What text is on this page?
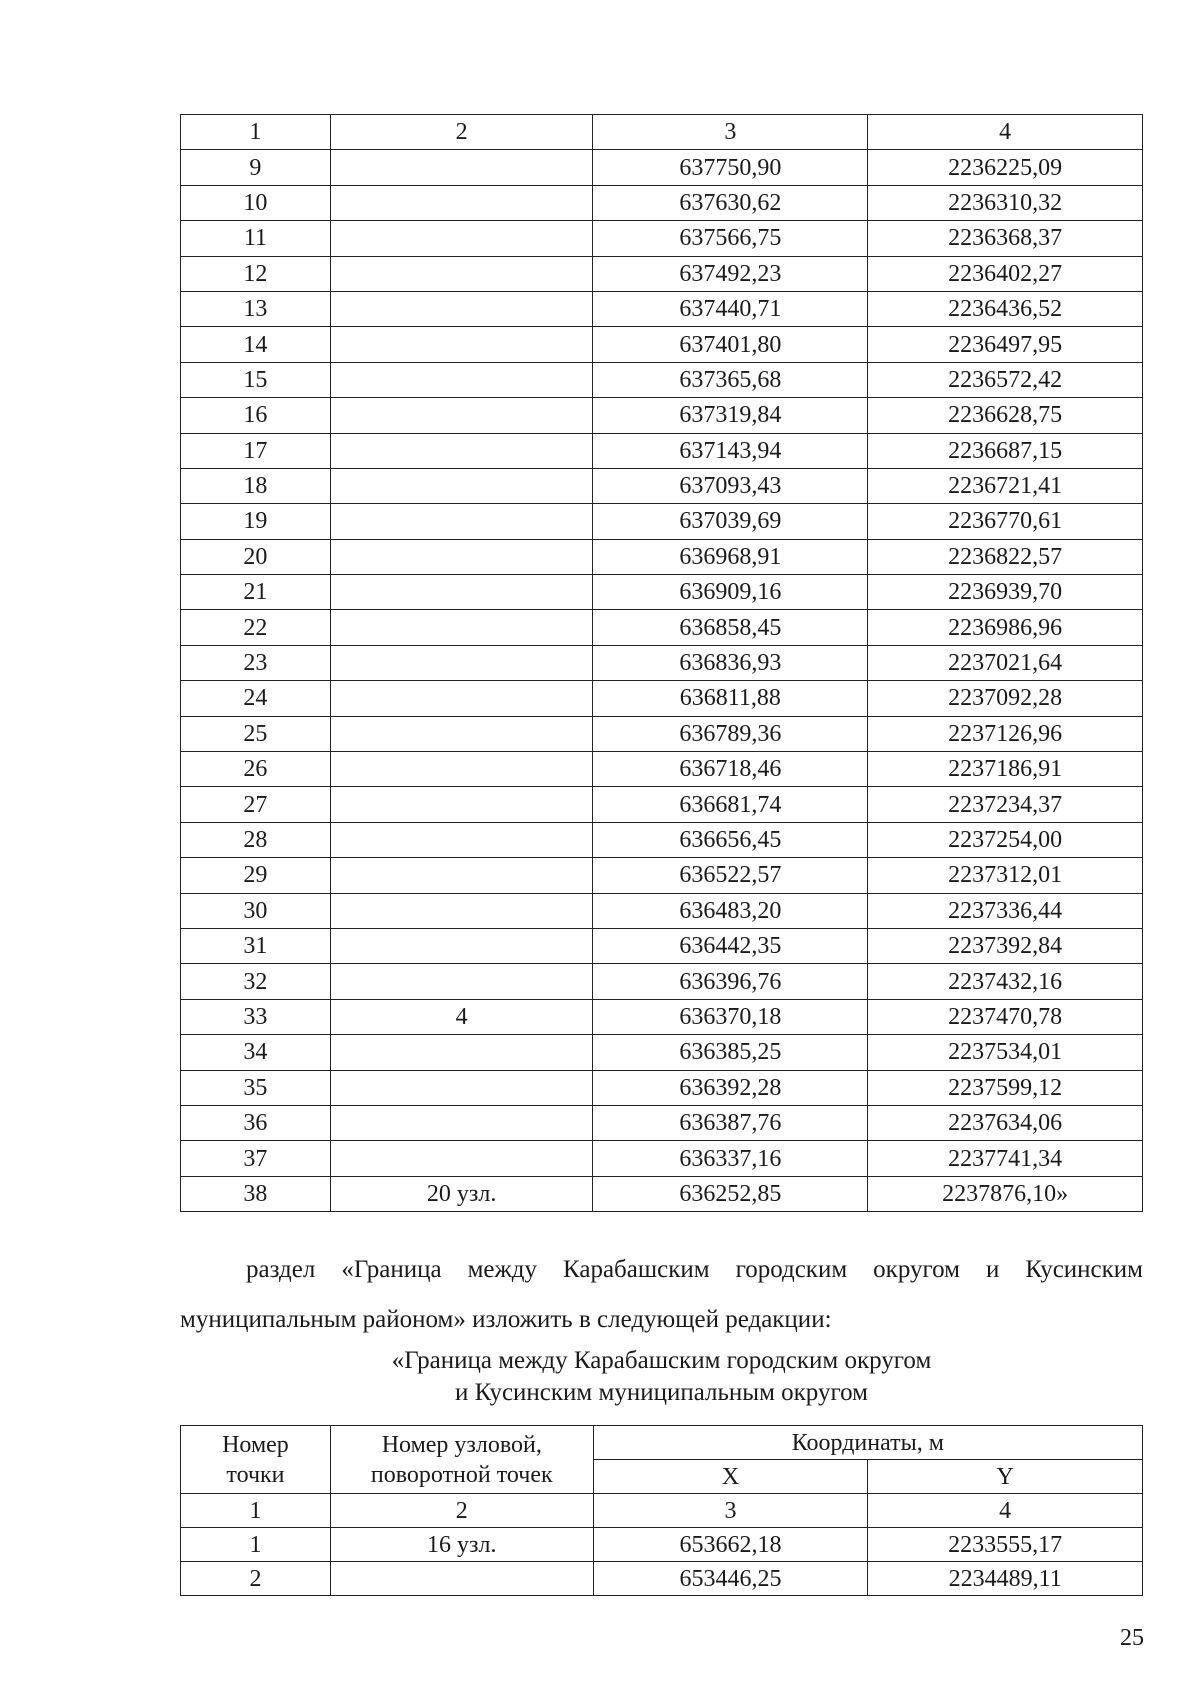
1	2	3	4
9		637750,90	2236225,09
10		637630,62	2236310,32
11		637566,75	2236368,37
12		637492,23	2236402,27
13		637440,71	2236436,52
14		637401,80	2236497,95
15		637365,68	2236572,42
16		637319,84	2236628,75
17		637143,94	2236687,15
18		637093,43	2236721,41
19		637039,69	2236770,61
20		636968,91	2236822,57
21		636909,16	2236939,70
22		636858,45	2236986,96
23		636836,93	2237021,64
24		636811,88	2237092,28
25		636789,36	2237126,96
26		636718,46	2237186,91
27		636681,74	2237234,37
28		636656,45	2237254,00
29		636522,57	2237312,01
30		636483,20	2237336,44
31		636442,35	2237392,84
32		636396,76	2237432,16
33	4	636370,18	2237470,78
34		636385,25	2237534,01
35		636392,28	2237599,12
36		636387,76	2237634,06
37		636337,16	2237741,34
38	20 узл.	636252,85	2237876,10»
раздел «Граница между Карабашским городским округом и Кусинским муниципальным районом» изложить в следующей редакции:
«Граница между Карабашским городским округом
и Кусинским муниципальным округом
Номер точки	Номер узловой, поворотной точек	Координаты, м	
		X	Y
1	2	3	4
1	16 узл.	653662,18	2233555,17
2		653446,25	2234489,11
25
